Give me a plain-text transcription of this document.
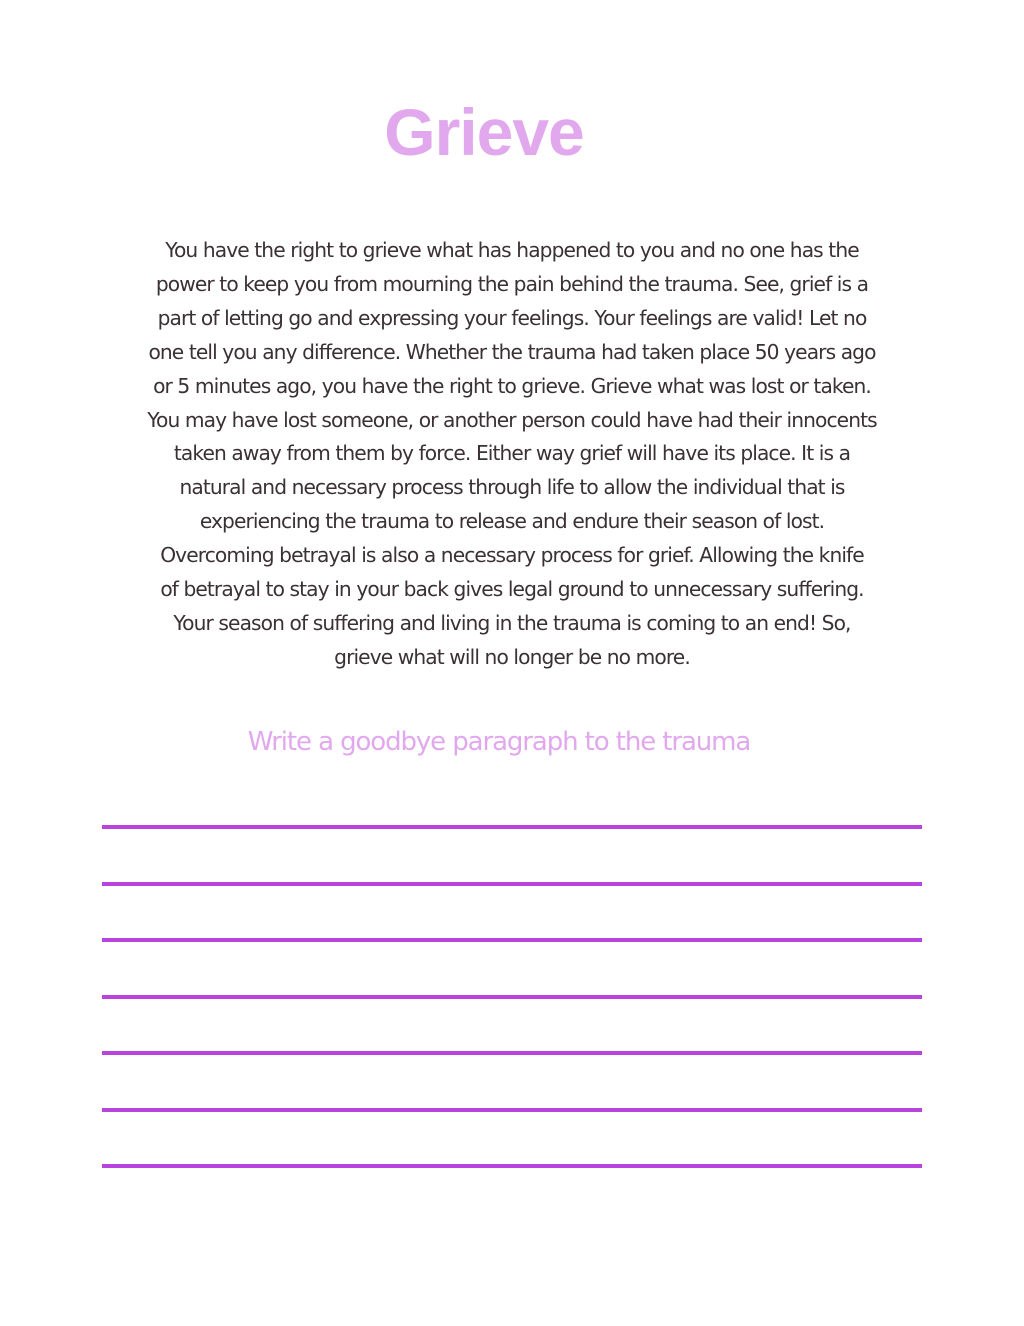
Grieve
You have the right to grieve what has happened to you and no one has the
power to keep you from mourning the pain behind the trauma. See, grief is a
part of letting go and expressing your feelings. Your feelings are valid! Let no
one tell you any difference. Whether the trauma had taken place 50 years ago
or 5 minutes ago, you have the right to grieve. Grieve what was lost or taken.
You may have lost someone, or another person could have had their innocents
taken away from them by force. Either way grief will have its place. It is a
natural and necessary process through life to allow the individual that is
experiencing the trauma to release and endure their season of lost.
Overcoming betrayal is also a necessary process for grief. Allowing the knife
of betrayal to stay in your back gives legal ground to unnecessary suffering.
Your season of suffering and living in the trauma is coming to an end! So,
grieve what will no longer be no more.

Write a goodbye paragraph to the trauma
